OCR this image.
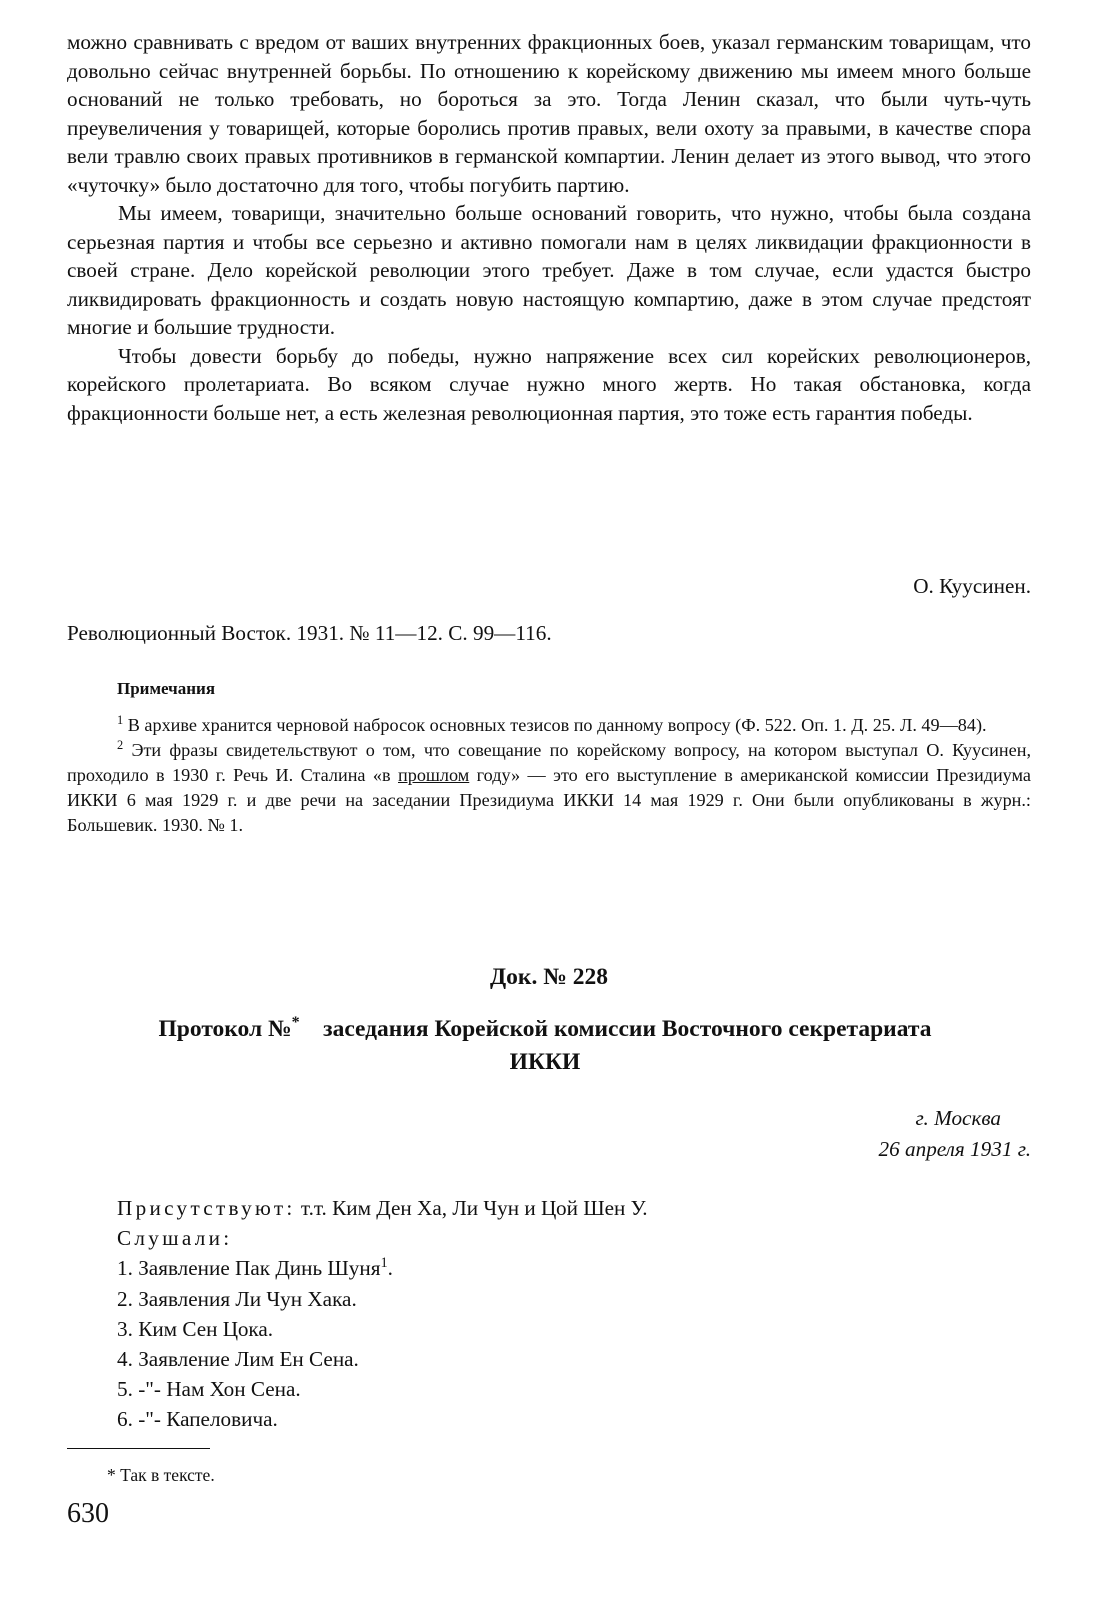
можно сравнивать с вредом от ваших внутренних фракционных боев, указал германским товарищам, что довольно сейчас внутренней борьбы. По отношению к корейскому движению мы имеем много больше оснований не только требовать, но бороться за это. Тогда Ленин сказал, что были чуть-чуть преувеличения у товарищей, которые боролись против правых, вели охоту за правыми, в качестве спора вели травлю своих правых противников в германской компартии. Ленин делает из этого вывод, что этого «чуточку» было достаточно для того, чтобы погубить партию.

Мы имеем, товарищи, значительно больше оснований говорить, что нужно, чтобы была создана серьезная партия и чтобы все серьезно и активно помогали нам в целях ликвидации фракционности в своей стране. Дело корейской революции этого требует. Даже в том случае, если удастся быстро ликвидировать фракционность и создать новую настоящую компартию, даже в этом случае предстоят многие и большие трудности.

Чтобы довести борьбу до победы, нужно напряжение всех сил корейских революционеров, корейского пролетариата. Во всяком случае нужно много жертв. Но такая обстановка, когда фракционности больше нет, а есть железная революционная партия, это тоже есть гарантия победы.

О. Куусинен.
Революционный Восток. 1931. № 11—12. С. 99—116.
Примечания

$^1$ В архиве хранится черновой набросок основных тезисов по данному вопросу (Ф. 522. Оп. 1. Д. 25. Л. 49—84).

$^2$ Эти фразы свидетельствуют о том, что совещание по корейскому вопросу, на котором выступал О. Куусинен, проходило в 1930 г. Речь И. Сталина «в прошлом году» — это его выступление в американской комиссии Президиума ИККИ 6 мая 1929 г. и две речи на заседании Президиума ИККИ 14 мая 1929 г. Они были опубликованы в журн.: Большевик. 1930. № 1.

Док. № 228
Протокол №* заседания Корейской комиссии Восточного секретариата ИККИ
г. Москва
26 апреля 1931 г.
Присутствуют: т.т. Ким Ден Ха, Ли Чун и Цой Шен У.
Слушали:
1. Заявление Пак Динь Шуня$^1$.
2. Заявления Ли Чун Хака.
3. Ким Сен Цока.
4. Заявление Лим Ен Сена.
5. -"- Нам Хон Сена.
6. -"- Капеловича.
* Так в тексте.
630
